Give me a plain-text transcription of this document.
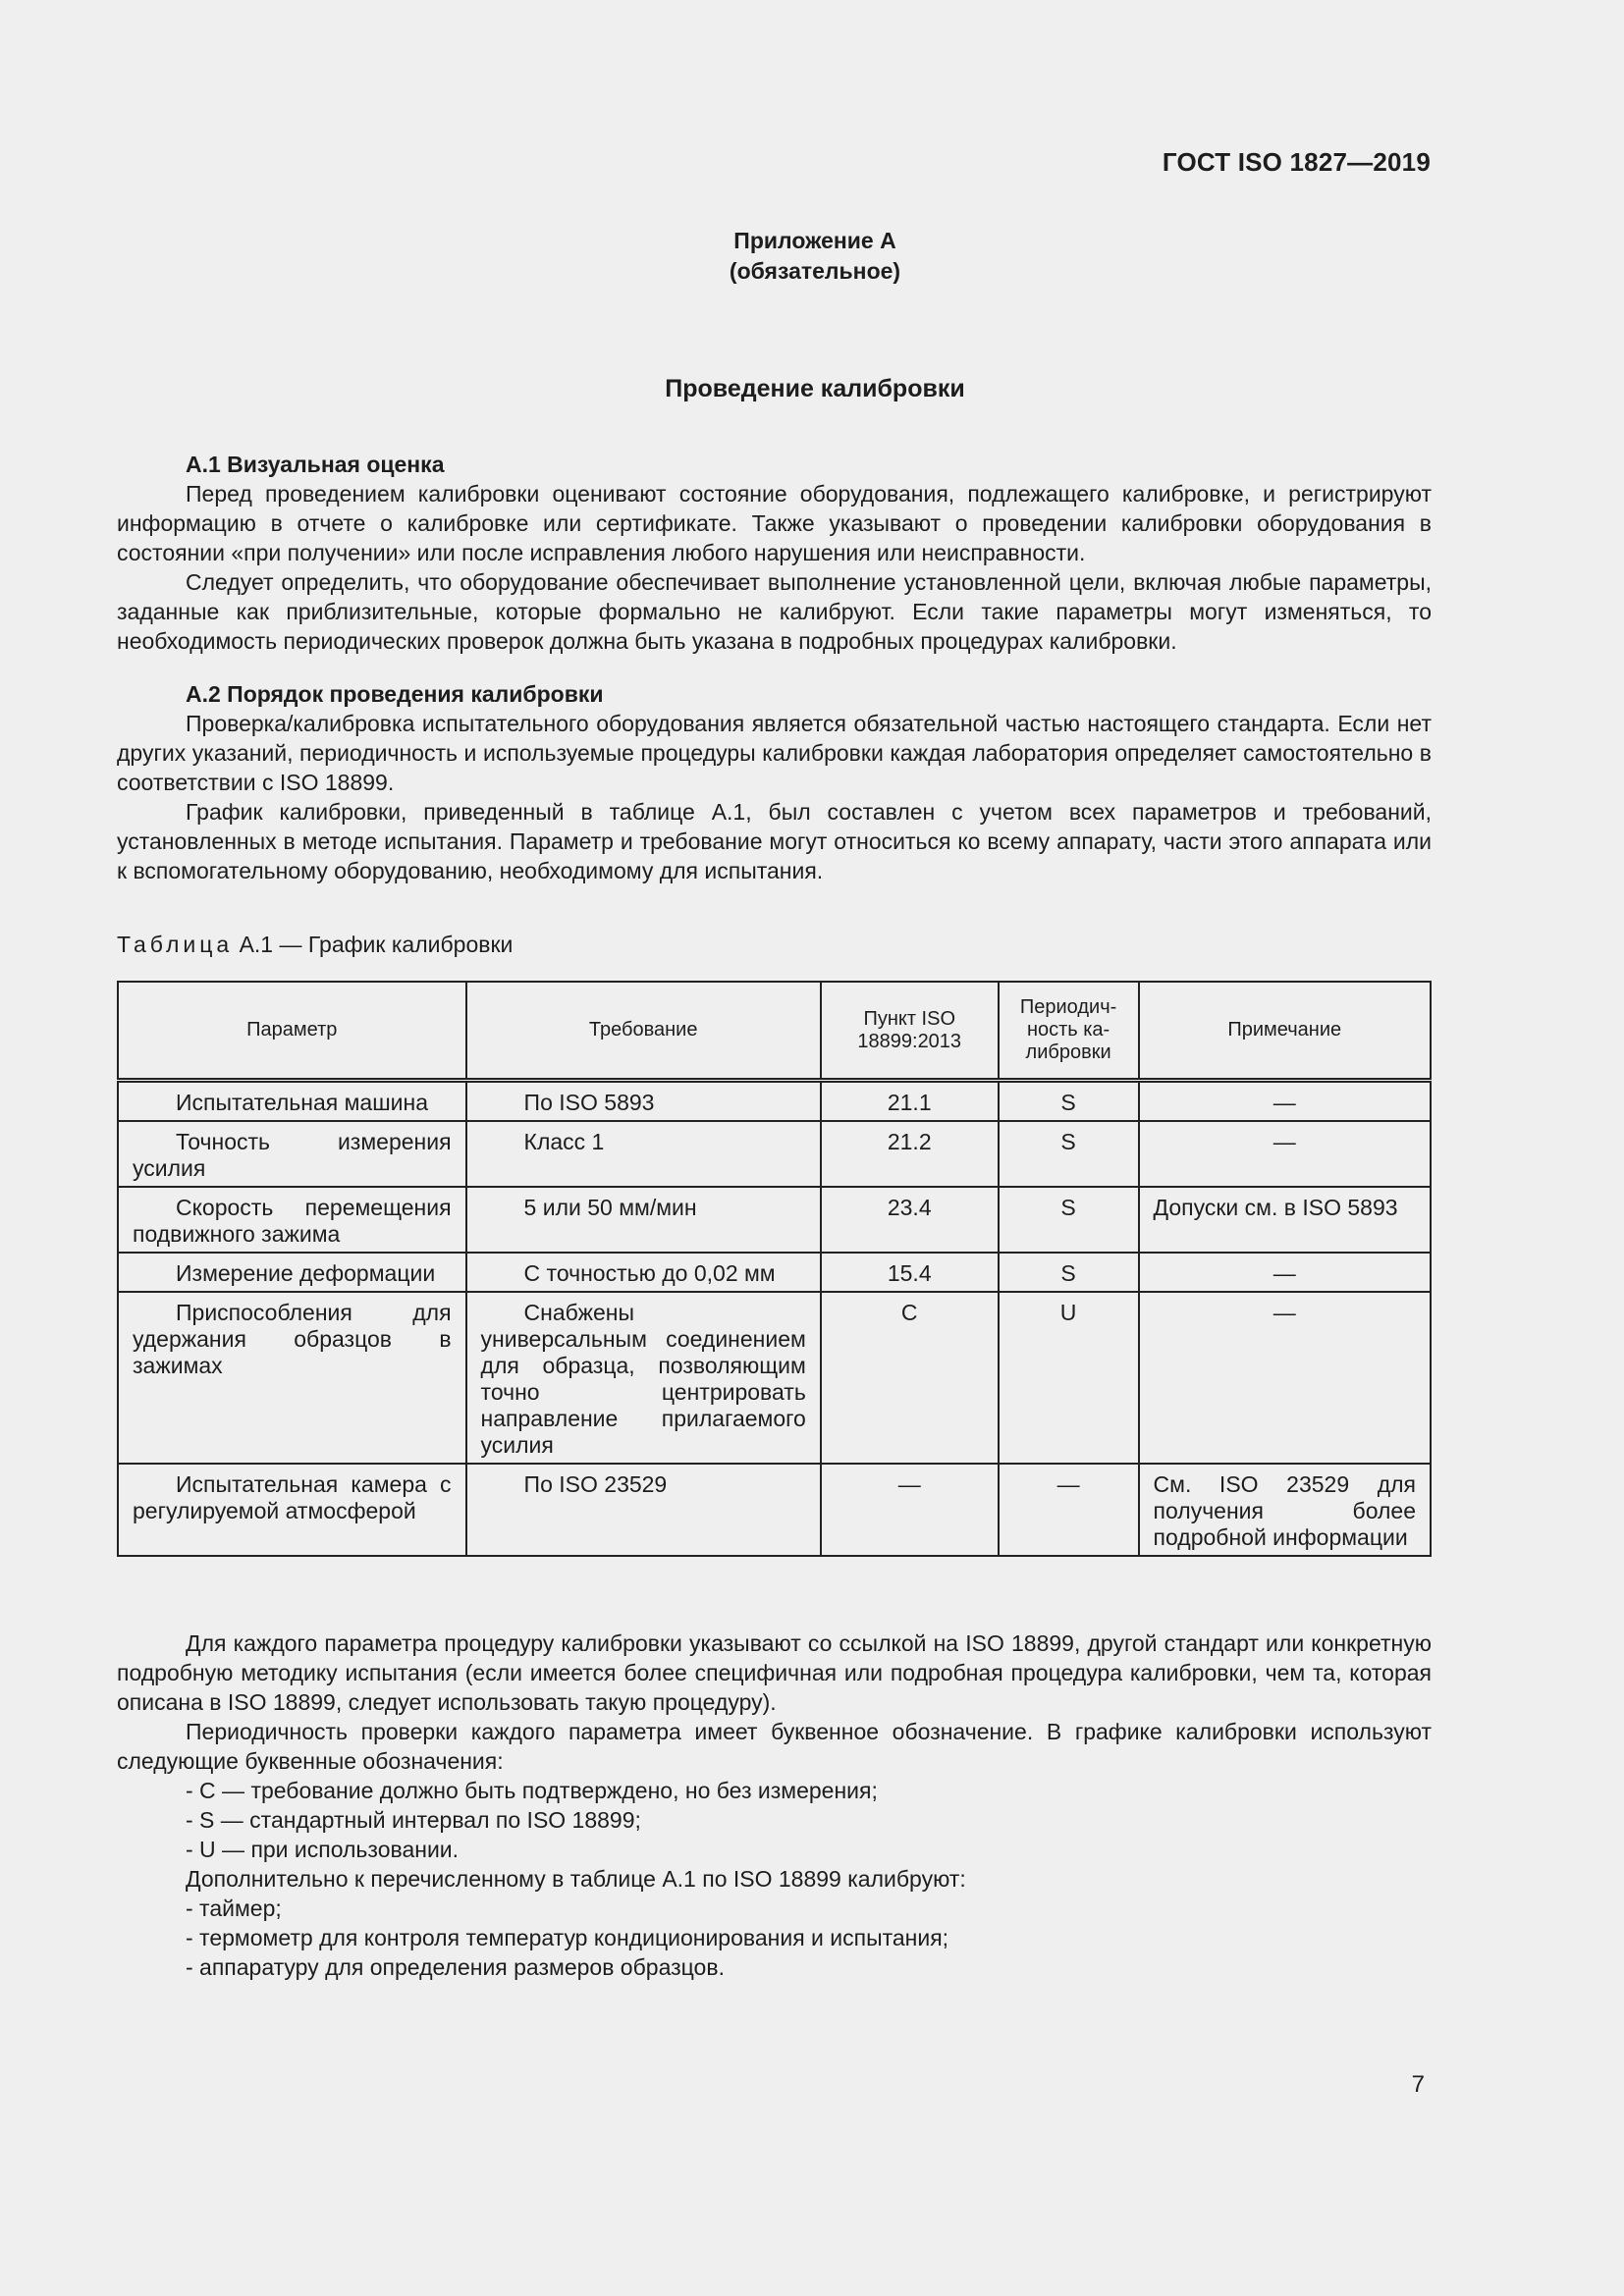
ГОСТ ISO 1827—2019
Приложение А
(обязательное)
Проведение калибровки
А.1 Визуальная оценка

Перед проведением калибровки оценивают состояние оборудования, подлежащего калибровке, и регистрируют информацию в отчете о калибровке или сертификате. Также указывают о проведении калибровки оборудования в состоянии «при получении» или после исправления любого нарушения или неисправности.

Следует определить, что оборудование обеспечивает выполнение установленной цели, включая любые параметры, заданные как приблизительные, которые формально не калибруют. Если такие параметры могут изменяться, то необходимость периодических проверок должна быть указана в подробных процедурах калибровки.

А.2 Порядок проведения калибровки

Проверка/калибровка испытательного оборудования является обязательной частью настоящего стандарта. Если нет других указаний, периодичность и используемые процедуры калибровки каждая лаборатория определяет самостоятельно в соответствии с ISO 18899.

График калибровки, приведенный в таблице А.1, был составлен с учетом всех параметров и требований, установленных в методе испытания. Параметр и требование могут относиться ко всему аппарату, части этого аппарата или к вспомогательному оборудованию, необходимому для испытания.

Таблица А.1 — График калибровки
Параметр	Требование	Пункт ISO 18899:2013	Периодич-ность ка-либровки	Примечание
Испытательная машина	По ISO 5893	21.1	S	—
Точность измерения усилия	Класс 1	21.2	S	—
Скорость перемещения подвижного зажима	5 или 50 мм/мин	23.4	S	Допуски см. в ISO 5893
Измерение деформации	С точностью до 0,02 мм	15.4	S	—
Приспособления для удержания образцов в зажимах	Снабжены универсальным соединением для образца, позволяющим точно центрировать направление прилагаемого усилия	С	U	—
Испытательная камера с регулируемой атмосферой	По ISO 23529	—	—	См. ISO 23529 для получения более подробной информации

Для каждого параметра процедуру калибровки указывают со ссылкой на ISO 18899, другой стандарт или конкретную подробную методику испытания (если имеется более специфичная или подробная процедура калибровки, чем та, которая описана в ISO 18899, следует использовать такую процедуру).

Периодичность проверки каждого параметра имеет буквенное обозначение. В графике калибровки используют следующие буквенные обозначения:

- С — требование должно быть подтверждено, но без измерения;
- S — стандартный интервал по ISO 18899;
- U — при использовании.
Дополнительно к перечисленному в таблице А.1 по ISO 18899 калибруют:
- таймер;
- термометр для контроля температур кондиционирования и испытания;
- аппаратуру для определения размеров образцов.
7
